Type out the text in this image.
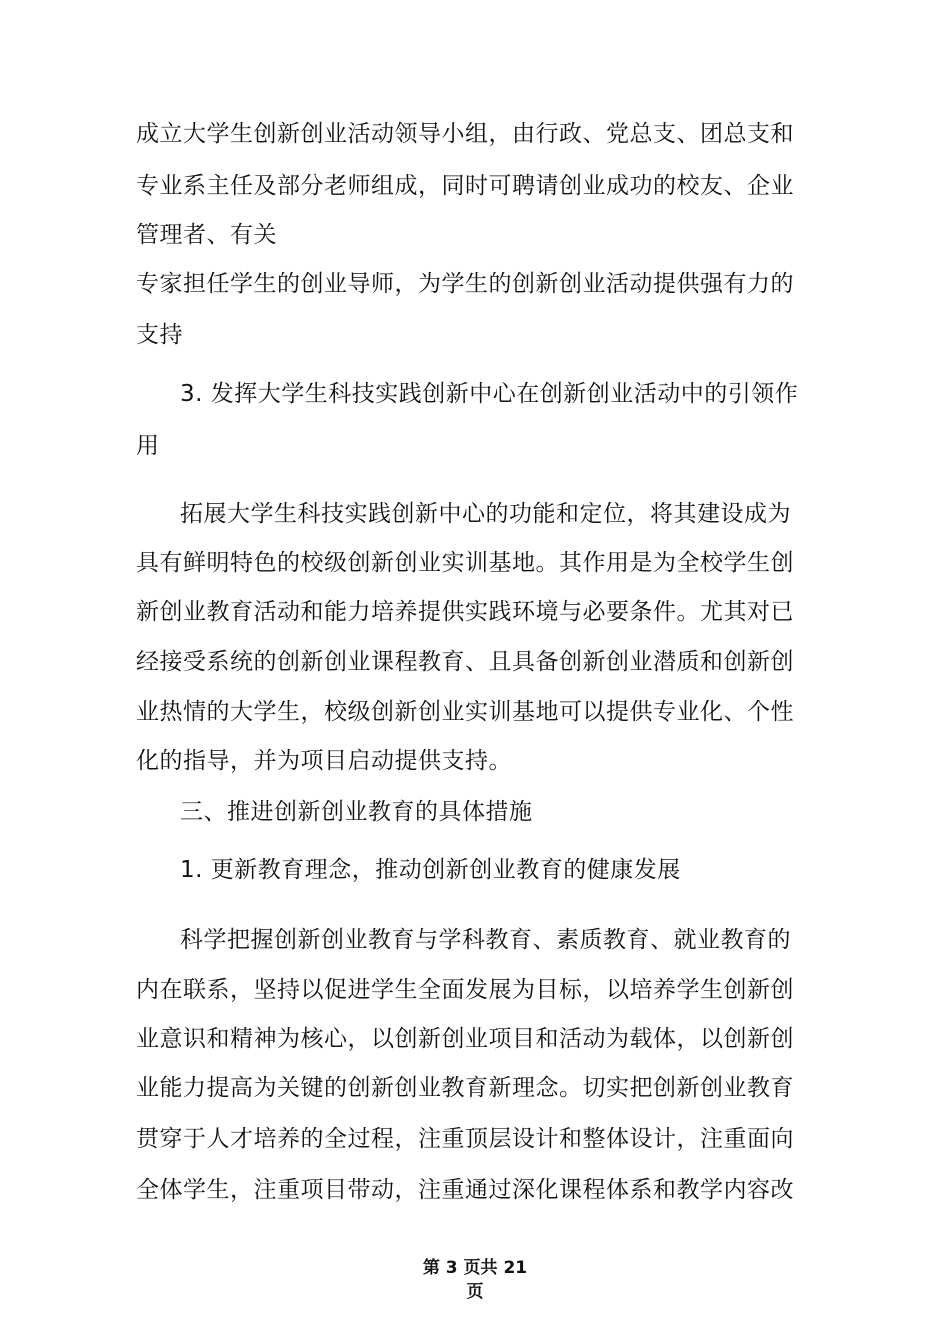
成立大学生创新创业活动领导小组，由行政、党总支、团总支和
专业系主任及部分老师组成，同时可聘请创业成功的校友、企业
管理者、有关
专家担任学生的创业导师，为学生的创新创业活动提供强有力的
支持
3. 发挥大学生科技实践创新中心在创新创业活动中的引领作
用
拓展大学生科技实践创新中心的功能和定位，将其建设成为
具有鲜明特色的校级创新创业实训基地。其作用是为全校学生创
新创业教育活动和能力培养提供实践环境与必要条件。尤其对已
经接受系统的创新创业课程教育、且具备创新创业潜质和创新创
业热情的大学生，校级创新创业实训基地可以提供专业化、个性
化的指导，并为项目启动提供支持。
三、推进创新创业教育的具体措施
1. 更新教育理念，推动创新创业教育的健康发展
科学把握创新创业教育与学科教育、素质教育、就业教育的
内在联系，坚持以促进学生全面发展为目标，以培养学生创新创
业意识和精神为核心，以创新创业项目和活动为载体，以创新创
业能力提高为关键的创新创业教育新理念。切实把创新创业教育
贯穿于人才培养的全过程，注重顶层设计和整体设计，注重面向
全体学生，注重项目带动，注重通过深化课程体系和教学内容改
第 3 页共 21
页
